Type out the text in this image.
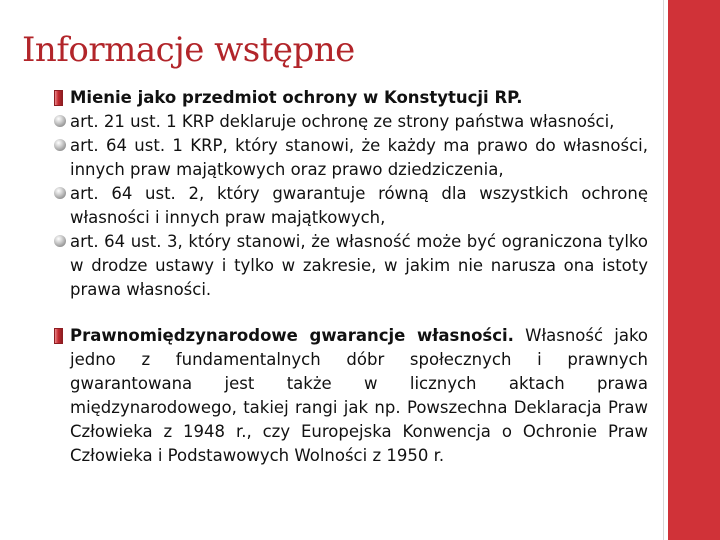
Informacje wstępne
Mienie jako przedmiot ochrony w Konstytucji RP.
art. 21 ust. 1 KRP deklaruje ochronę ze strony państwa własności,
art. 64 ust. 1 KRP, który stanowi, że każdy ma prawo do własności, innych praw majątkowych oraz prawo dziedziczenia,
art. 64 ust. 2, który gwarantuje równą dla wszystkich ochronę własności i innych praw majątkowych,
art. 64 ust. 3, który stanowi, że własność może być ograniczona tylko w drodze ustawy i tylko w zakresie, w jakim nie narusza ona istoty prawa własności.
Prawnomiędzynarodowe gwarancje własności. Własność jako jedno z fundamentalnych dóbr społecznych i prawnych gwarantowana jest także w licznych aktach prawa międzynarodowego, takiej rangi jak np. Powszechna Deklaracja Praw Człowieka z 1948 r., czy Europejska Konwencja o Ochronie Praw Człowieka i Podstawowych Wolności z 1950 r.
